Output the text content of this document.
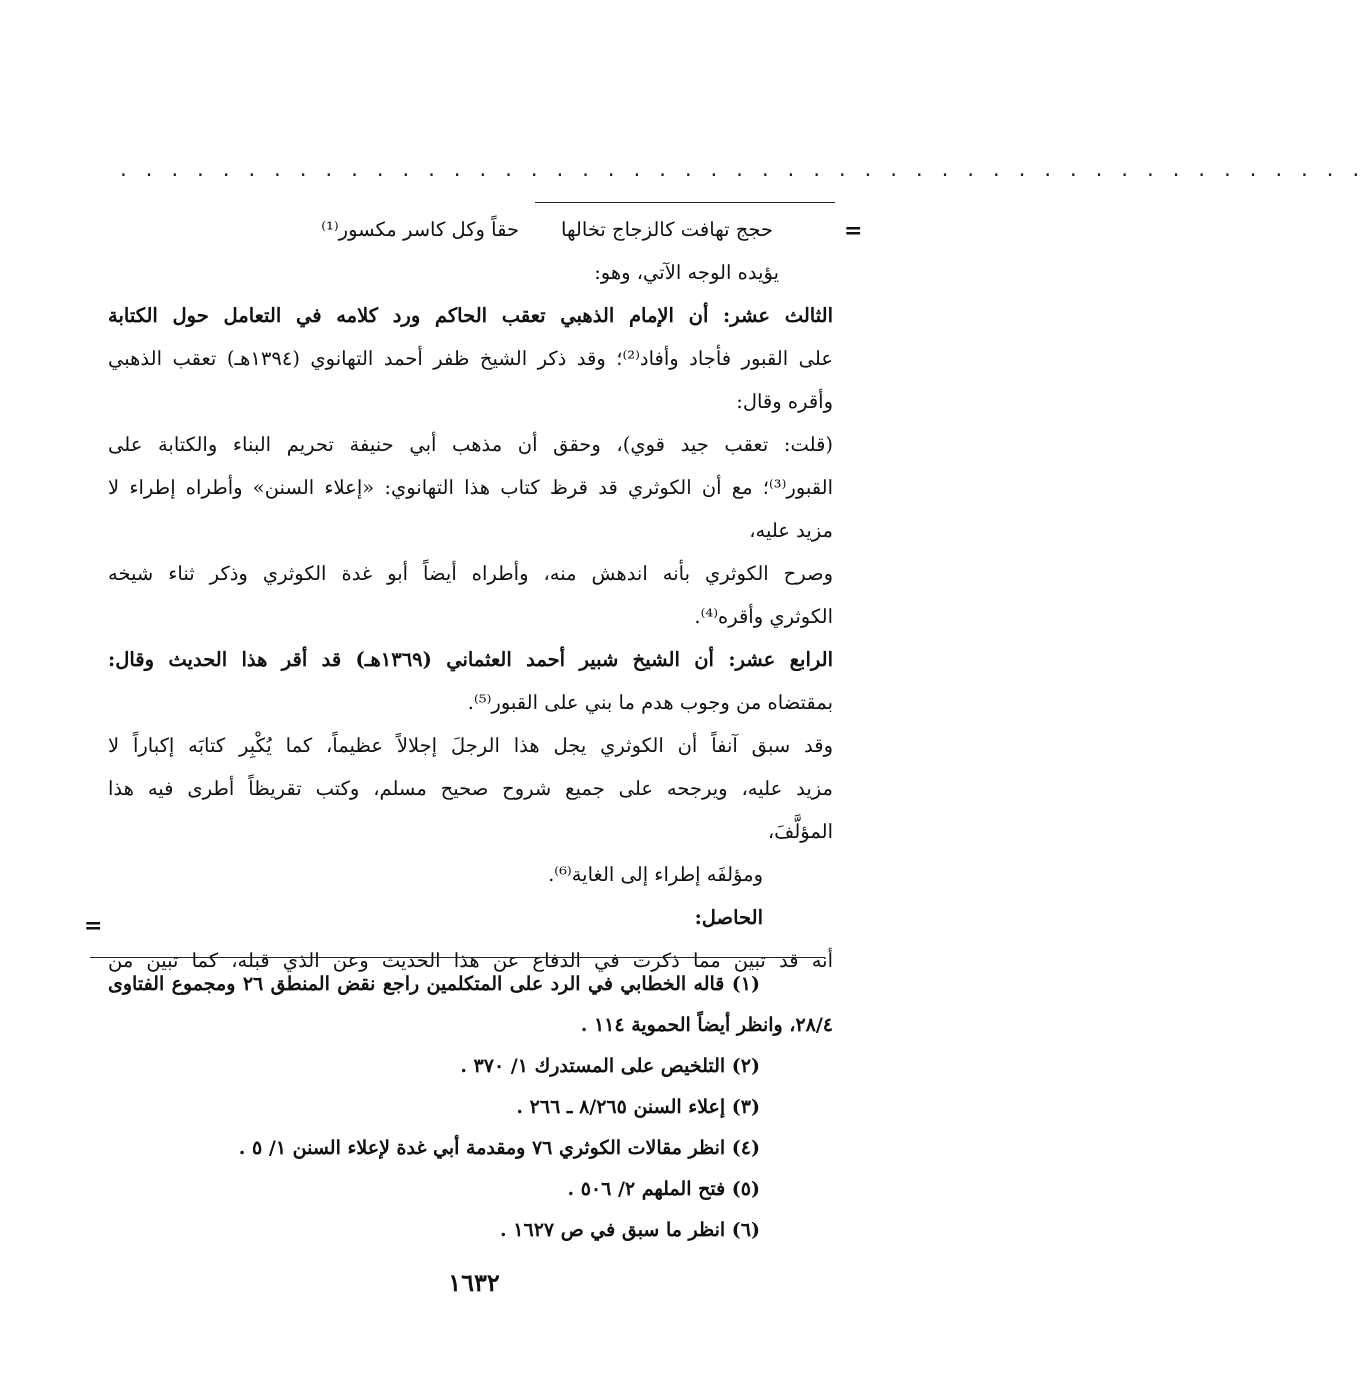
. . . . . . . . . . . . . . . . . . . . . . . . . . . . . . . . . . . . . . . . . . . . . . . . .
=
حجج تهافت كالزجاج تخالها
حقاً وكل كاسر مكسور⁽¹⁾
يؤيده الوجه الآتي، وهو:
الثالث عشر: أن الإمام الذهبي تعقب الحاكم ورد كلامه في التعامل حول الكتابة
على القبور فأجاد وأفاد⁽²⁾؛ وقد ذكر الشيخ ظفر أحمد التهانوي (١٣٩٤هـ) تعقب الذهبي
وأقره وقال:
(قلت: تعقب جيد قوي)، وحقق أن مذهب أبي حنيفة تحريم البناء والكتابة على
القبور⁽³⁾؛ مع أن الكوثري قد قرظ كتاب هذا التهانوي: «إعلاء السنن» وأطراه إطراء لا
مزيد عليه،
وصرح الكوثري بأنه اندهش منه، وأطراه أيضاً أبو غدة الكوثري وذكر ثناء شيخه
الكوثري وأقره⁽⁴⁾.
الرابع عشر: أن الشيخ شبير أحمد العثماني (١٣٦٩هـ) قد أقر هذا الحديث وقال:
بمقتضاه من وجوب هدم ما بني على القبور⁽⁵⁾.
وقد سبق آنفاً أن الكوثري يجل هذا الرجلَ إجلالاً عظيماً، كما يُكْبِر كتابَه إكباراً لا
مزيد عليه، ويرجحه على جميع شروح صحيح مسلم، وكتب تقريظاً أطرى فيه هذا
المؤلَّفَ،
ومؤلفَه إطراء إلى الغاية⁽⁶⁾.
الحاصل:
أنه قد تبين مما ذكرت في الدفاع عن هذا الحديث وعن الذي قبله، كما تبين من
=
(١) قاله الخطابي في الرد على المتكلمين راجع نقض المنطق ٢٦ ومجموع الفتاوى
٢٨/٤، وانظر أيضاً الحموية ١١٤ .
(٢) التلخيص على المستدرك ١/ ٣٧٠ .
(٣) إعلاء السنن ٨/٢٦٥ ـ ٢٦٦ .
(٤) انظر مقالات الكوثري ٧٦ ومقدمة أبي غدة لإعلاء السنن ١/ ٥ .
(٥) فتح الملهم ٢/ ٥٠٦ .
(٦) انظر ما سبق في ص ١٦٢٧ .
١٦٣٢
